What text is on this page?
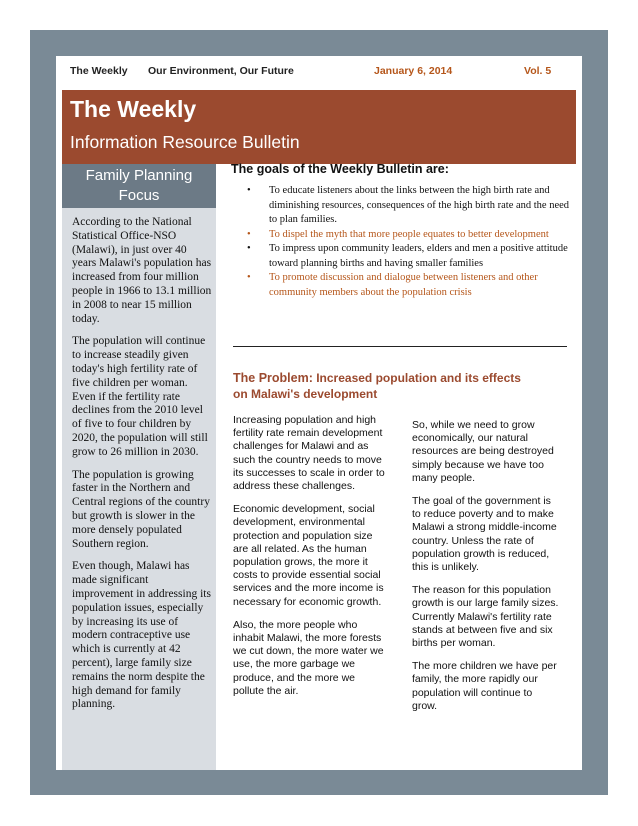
The Weekly Our Environment, Our Future	January 6, 2014	Vol. 5
The Weekly
Information Resource Bulletin
Family Planning
Focus

According to the National Statistical Office-NSO (Malawi), in just over 40 years Malawi's population has increased from four million people in 1966 to 13.1 million in 2008 to near 15 million today.

The population will continue to increase steadily given today's high fertility rate of five children per woman. Even if the fertility rate declines from the 2010 level of five to four children by 2020, the population will still grow to 26 million in 2030.

The population is growing faster in the Northern and Central regions of the country but growth is slower in the more densely populated Southern region.

Even though, Malawi has made significant improvement in addressing its population issues, especially by increasing its use of modern contraceptive use which is currently at 42 percent), large family size remains the norm despite the high demand for family planning.

The goals of the Weekly Bulletin are:
• To educate listeners about the links between the high birth rate and diminishing resources, consequences of the high birth rate and the need to plan families.
• To dispel the myth that more people equates to better development
• To impress upon community leaders, elders and men a positive attitude toward planning births and having smaller families
• To promote discussion and dialogue between listeners and other community members about the population crisis
The Problem: Increased population and its effects on Malawi's development

Increasing population and high fertility rate remain development challenges for Malawi and as such the country needs to move its successes to scale in order to address these challenges.

Economic development, social development, environmental protection and population size are all related. As the human population grows, the more it costs to provide essential social services and the more income is necessary for economic growth.

Also, the more people who inhabit Malawi, the more forests we cut down, the more water we use, the more garbage we produce, and the more we pollute the air.

So, while we need to grow economically, our natural resources are being destroyed simply because we have too many people.

The goal of the government is to reduce poverty and to make Malawi a strong middle-income country. Unless the rate of population growth is reduced, this is unlikely.

The reason for this population growth is our large family sizes. Currently Malawi's fertility rate stands at between five and six births per woman.

The more children we have per family, the more rapidly our population will continue to grow.
